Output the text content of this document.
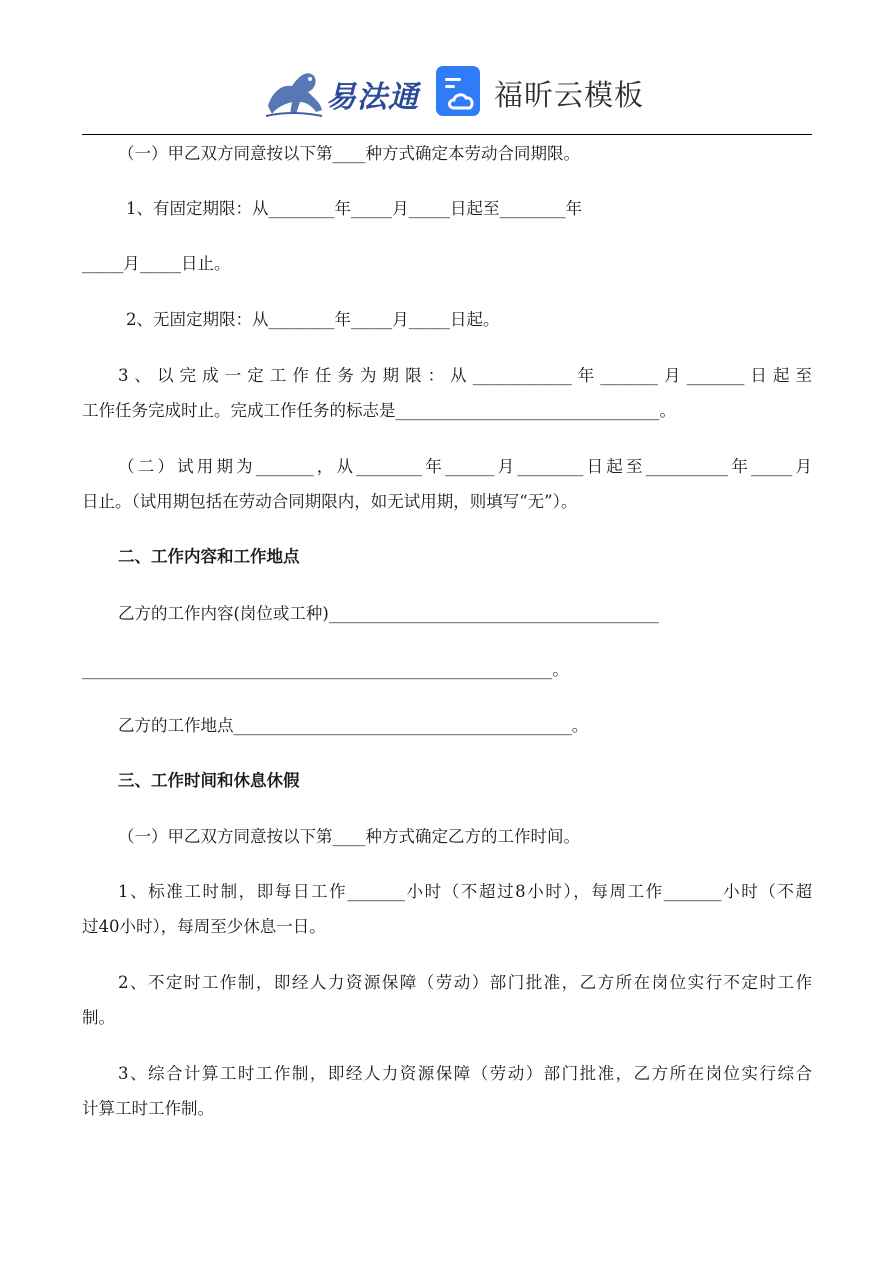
易法通	福昕云模板
（一）甲乙双方同意按以下第____种方式确定本劳动合同期限。
1、有固定期限：从________年_____月_____日起至________年
_____月_____日止。
2、无固定期限：从________年_____月_____日起。
3、以完成一定工作任务为期限：从____________年_______月_______日起至
工作任务完成时止。完成工作任务的标志是________________________________。
（二）试用期为_______，从________年______月________日起至__________年_____月
日止。（试用期包括在劳动合同期限内，如无试用期，则填写“无”）。
二、工作内容和工作地点
乙方的工作内容(岗位或工种)________________________________________
_________________________________________________________。
乙方的工作地点_________________________________________。
三、工作时间和休息休假
（一）甲乙双方同意按以下第____种方式确定乙方的工作时间。
1、标准工时制，即每日工作_______小时（不超过8小时），每周工作_______小时（不超
过40小时），每周至少休息一日。
2、不定时工作制，即经人力资源保障（劳动）部门批准，乙方所在岗位实行不定时工作
制。
3、综合计算工时工作制，即经人力资源保障（劳动）部门批准，乙方所在岗位实行综合
计算工时工作制。
